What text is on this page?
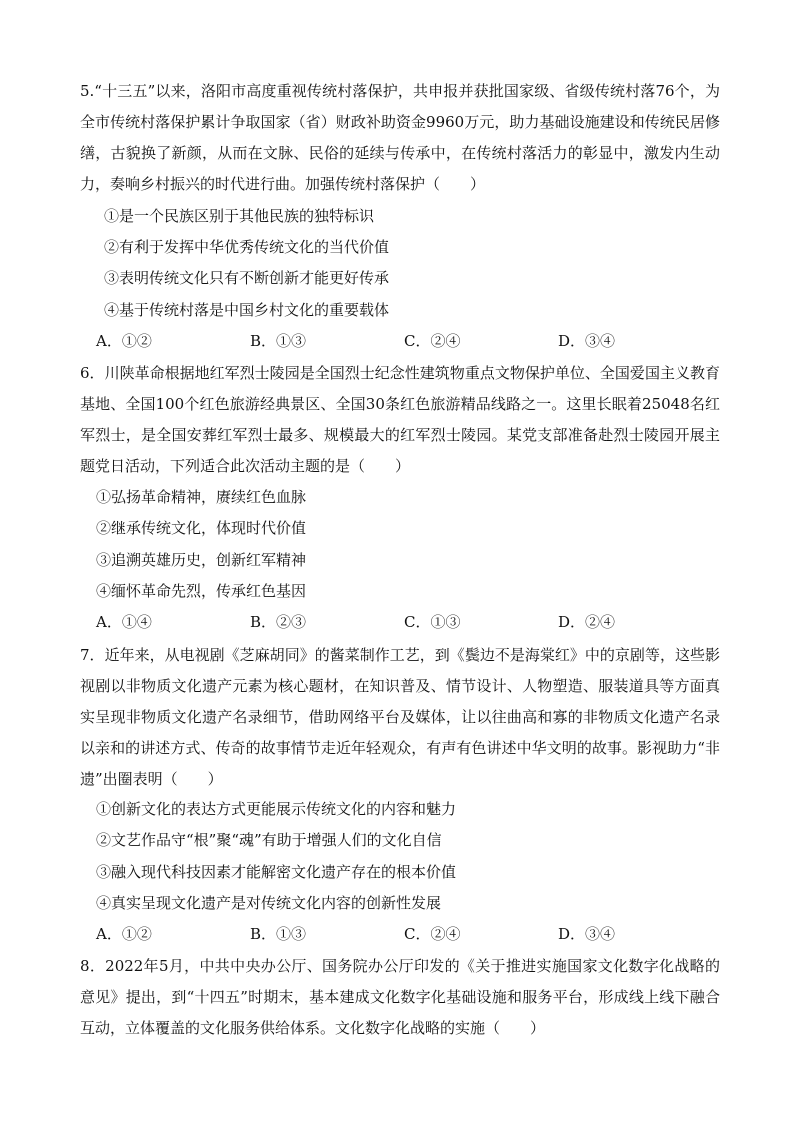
5.“十三五”以来，洛阳市高度重视传统村落保护，共申报并获批国家级、省级传统村落76个，为全市传统村落保护累计争取国家（省）财政补助资金9960万元，助力基础设施建设和传统民居修缮，古貌换了新颜，从而在文脉、民俗的延续与传承中，在传统村落活力的彰显中，激发内生动力，奏响乡村振兴的时代进行曲。加强传统村落保护（　　）
①是一个民族区别于其他民族的独特标识
②有利于发挥中华优秀传统文化的当代价值
③表明传统文化只有不断创新才能更好传承
④基于传统村落是中国乡村文化的重要载体
A．①②	B．①③	C．②④	D．③④
6．川陕革命根据地红军烈士陵园是全国烈士纪念性建筑物重点文物保护单位、全国爱国主义教育基地、全国100个红色旅游经典景区、全国30条红色旅游精品线路之一。这里长眠着25048名红军烈士，是全国安葬红军烈士最多、规模最大的红军烈士陵园。某党支部准备赴烈士陵园开展主题党日活动，下列适合此次活动主题的是（　　）
①弘扬革命精神，赓续红色血脉
②继承传统文化，体现时代价值
③追溯英雄历史，创新红军精神
④缅怀革命先烈，传承红色基因
A．①④	B．②③	C．①③	D．②④
7．近年来，从电视剧《芝麻胡同》的酱菜制作工艺，到《鬓边不是海棠红》中的京剧等，这些影视剧以非物质文化遗产元素为核心题材，在知识普及、情节设计、人物塑造、服装道具等方面真实呈现非物质文化遗产名录细节，借助网络平台及媒体，让以往曲高和寡的非物质文化遗产名录以亲和的讲述方式、传奇的故事情节走近年轻观众，有声有色讲述中华文明的故事。影视助力“非遗”出圈表明（　　）
①创新文化的表达方式更能展示传统文化的内容和魅力
②文艺作品守“根”聚“魂”有助于增强人们的文化自信
③融入现代科技因素才能解密文化遗产存在的根本价值
④真实呈现文化遗产是对传统文化内容的创新性发展
A．①②	B．①③	C．②④	D．③④
8．2022年5月，中共中央办公厅、国务院办公厅印发的《关于推进实施国家文化数字化战略的意见》提出，到“十四五”时期末，基本建成文化数字化基础设施和服务平台，形成线上线下融合互动，立体覆盖的文化服务供给体系。文化数字化战略的实施（　　）
